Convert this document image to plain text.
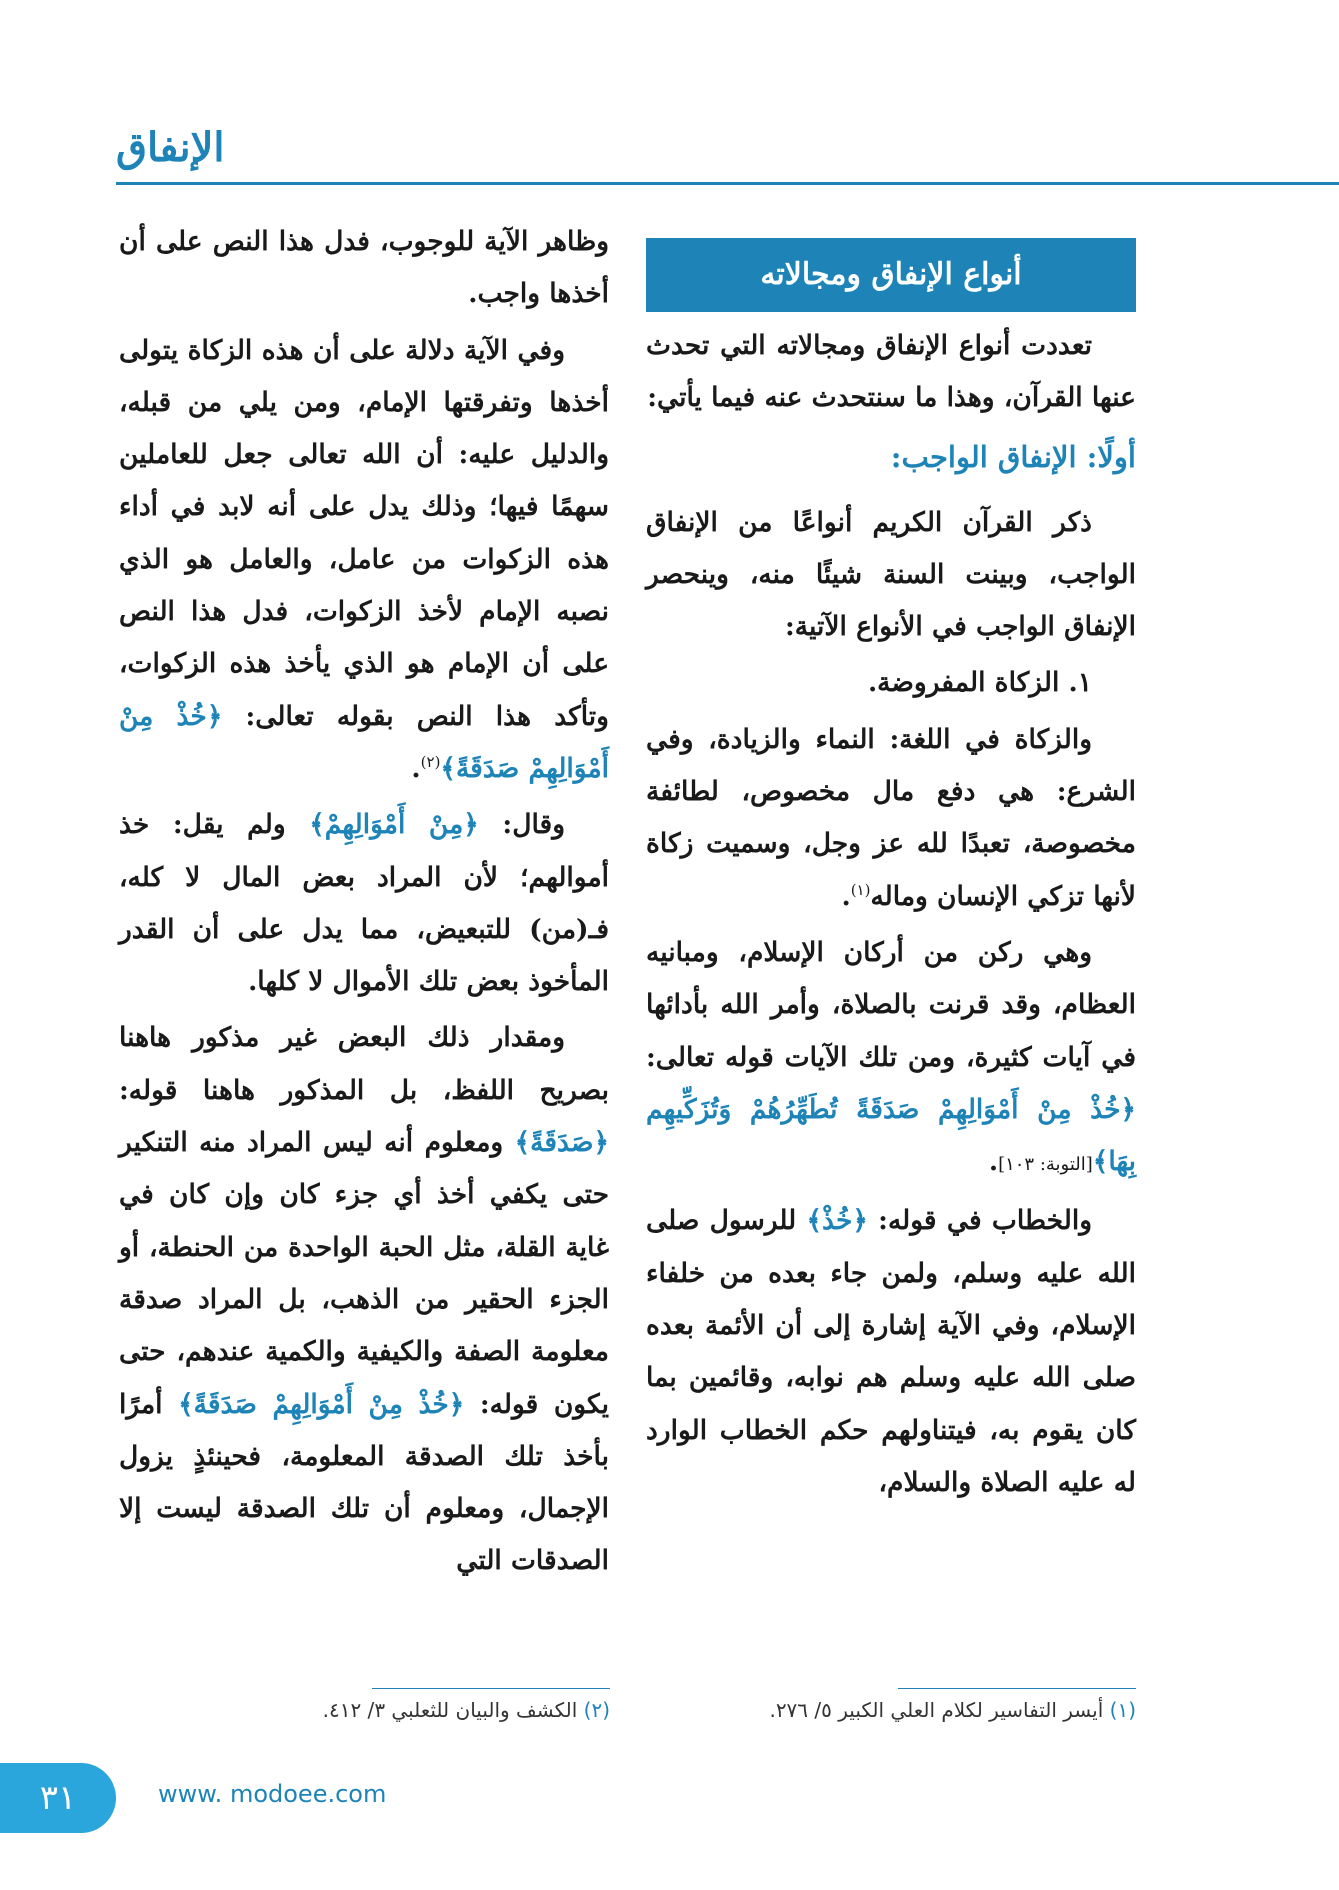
الإنفاق
أنواع الإنفاق ومجالاته

تعددت أنواع الإنفاق ومجالاته التي تحدث عنها القرآن، وهذا ما سنتحدث عنه فيما يأتي:

أولًا: الإنفاق الواجب:

ذكر القرآن الكريم أنواعًا من الإنفاق الواجب، وبينت السنة شيئًا منه، وينحصر الإنفاق الواجب في الأنواع الآتية:

١. الزكاة المفروضة.

والزكاة في اللغة: النماء والزيادة، وفي الشرع: هي دفع مال مخصوص، لطائفة مخصوصة، تعبدًا لله عز وجل، وسميت زكاة لأنها تزكي الإنسان وماله$^{(١)}$.

وهي ركن من أركان الإسلام، ومبانيه العظام، وقد قرنت بالصلاة، وأمر الله بأدائها في آيات كثيرة، ومن تلك الآيات قوله تعالى: ﴿خُذْ مِنْ أَمْوَالِهِمْ صَدَقَةً تُطَهِّرُهُمْ وَتُزَكِّيهِم بِهَا﴾[التوبة: ١٠٣].

والخطاب في قوله: ﴿خُذْ﴾ للرسول صلى الله عليه وسلم، ولمن جاء بعده من خلفاء الإسلام، وفي الآية إشارة إلى أن الأئمة بعده صلى الله عليه وسلم هم نوابه، وقائمين بما كان يقوم به، فيتناولهم حكم الخطاب الوارد له عليه الصلاة والسلام،

وظاهر الآية للوجوب، فدل هذا النص على أن أخذها واجب.

وفي الآية دلالة على أن هذه الزكاة يتولى أخذها وتفرقتها الإمام، ومن يلي من قبله، والدليل عليه: أن الله تعالى جعل للعاملين سهمًا فيها؛ وذلك يدل على أنه لابد في أداء هذه الزكوات من عامل، والعامل هو الذي نصبه الإمام لأخذ الزكوات، فدل هذا النص على أن الإمام هو الذي يأخذ هذه الزكوات، وتأكد هذا النص بقوله تعالى: ﴿خُذْ مِنْ أَمْوَالِهِمْ صَدَقَةً﴾$^{(٢)}$.

وقال: ﴿مِنْ أَمْوَالِهِمْ﴾ ولم يقل: خذ أموالهم؛ لأن المراد بعض المال لا كله، فـ(من) للتبعيض، مما يدل على أن القدر المأخوذ بعض تلك الأموال لا كلها.

ومقدار ذلك البعض غير مذكور هاهنا بصريح اللفظ، بل المذكور هاهنا قوله: ﴿صَدَقَةً﴾ ومعلوم أنه ليس المراد منه التنكير حتى يكفي أخذ أي جزء كان وإن كان في غاية القلة، مثل الحبة الواحدة من الحنطة، أو الجزء الحقير من الذهب، بل المراد صدقة معلومة الصفة والكيفية والكمية عندهم، حتى يكون قوله: ﴿خُذْ مِنْ أَمْوَالِهِمْ صَدَقَةً﴾ أمرًا بأخذ تلك الصدقة المعلومة، فحينئذٍ يزول الإجمال، ومعلوم أن تلك الصدقة ليست إلا الصدقات التي

(١) أيسر التفاسير لكلام العلي الكبير ٥/ ٢٧٦.
(٢) الكشف والبيان للثعلبي ٣/ ٤١٢.
٣١	www. modoee.com
